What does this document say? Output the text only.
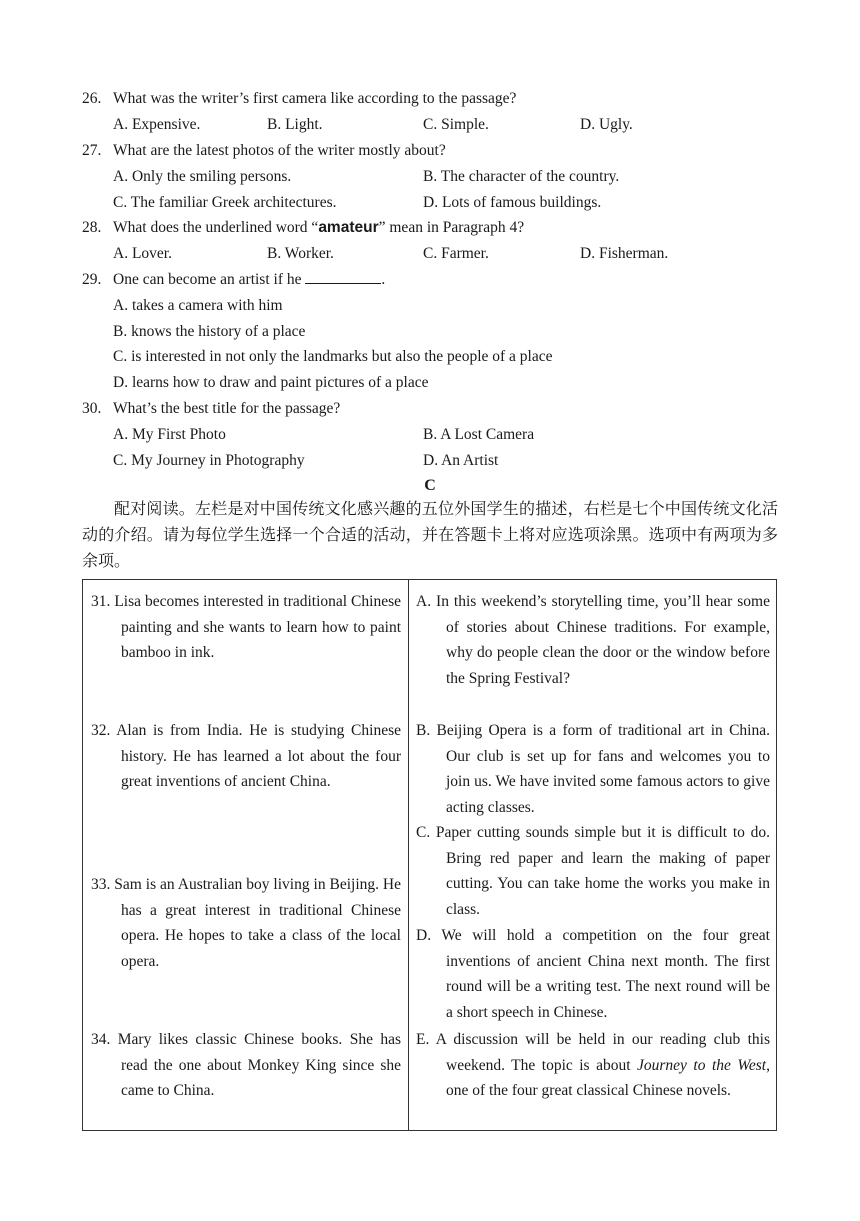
26. What was the writer’s first camera like according to the passage?
A. Expensive.	B. Light.	C. Simple.	D. Ugly.
27. What are the latest photos of the writer mostly about?
A. Only the smiling persons.	B. The character of the country.
C. The familiar Greek architectures.	D. Lots of famous buildings.
28. What does the underlined word “amateur” mean in Paragraph 4?
A. Lover.	B. Worker.	C. Farmer.	D. Fisherman.
29. One can become an artist if he	.
A. takes a camera with him
B. knows the history of a place
C. is interested in not only the landmarks but also the people of a place
D. learns how to draw and paint pictures of a place
30. What’s the best title for the passage?
A. My First Photo	B. A Lost Camera
C. My Journey in Photography	D. An Artist
C

配对阅读。左栏是对中国传统文化感兴趣的五位外国学生的描述，右栏是七个中国传统文化活动的介绍。请为每位学生选择一个合适的活动，并在答题卡上将对应选项涂黑。选项中有两项为多余项。

31. Lisa becomes interested in traditional Chinese painting and she wants to learn how to paint bamboo in ink.

32. Alan is from India. He is studying Chinese history. He has learned a lot about the four great inventions of ancient China.

33. Sam is an Australian boy living in Beijing. He has a great interest in traditional Chinese opera. He hopes to take a class of the local opera.

34. Mary likes classic Chinese books. She has read the one about Monkey King since she came to China.

A. In this weekend’s storytelling time, you’ll hear some of stories about Chinese traditions. For example, why do people clean the door or the window before the Spring Festival?

B. Beijing Opera is a form of traditional art in China. Our club is set up for fans and welcomes you to join us. We have invited some famous actors to give acting classes.

C. Paper cutting sounds simple but it is difficult to do. Bring red paper and learn the making of paper cutting. You can take home the works you make in class.

D. We will hold a competition on the four great inventions of ancient China next month. The first round will be a writing test. The next round will be a short speech in Chinese.

E. A discussion will be held in our reading club this weekend. The topic is about Journey to the West, one of the four great classical Chinese novels.
